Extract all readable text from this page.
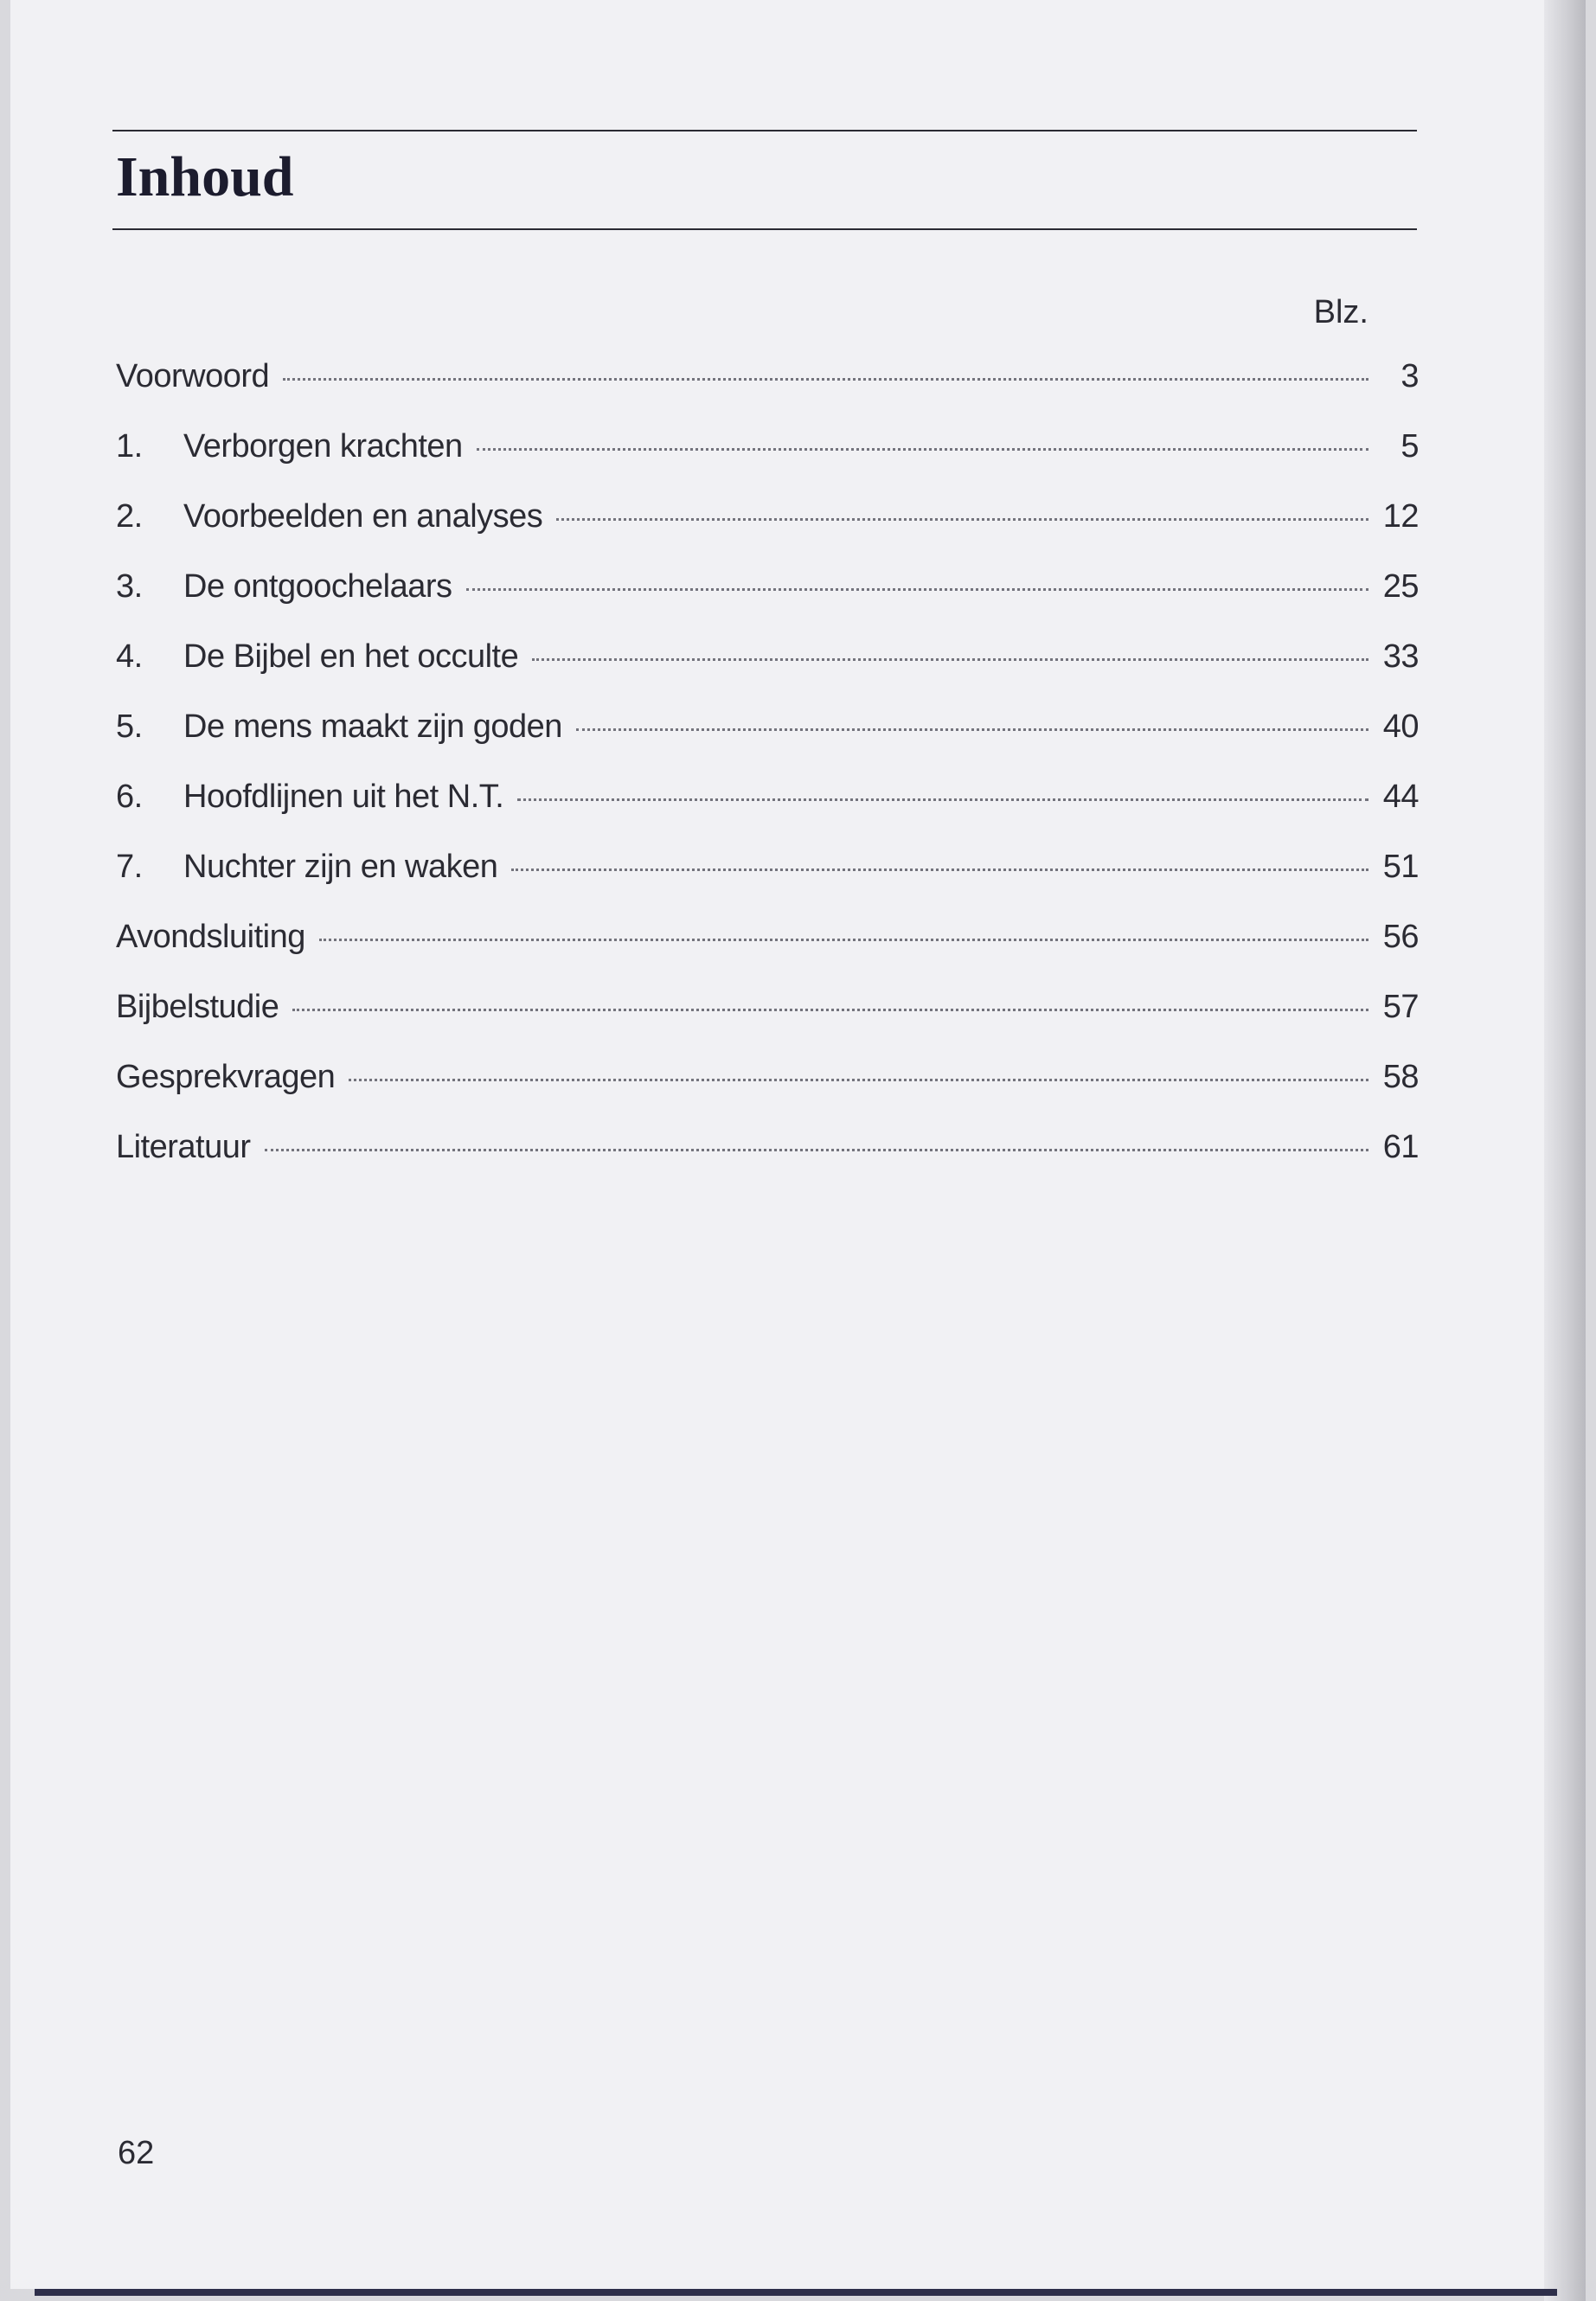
Inhoud
Blz.
Voorwoord	3
1.	Verborgen krachten	5
2.	Voorbeelden en analyses	12
3.	De ontgoochelaars	25
4.	De Bijbel en het occulte	33
5.	De mens maakt zijn goden	40
6.	Hoofdlijnen uit het N.T.	44
7.	Nuchter zijn en waken	51
Avondsluiting	56
Bijbelstudie	57
Gesprekvragen	58
Literatuur	61
62
